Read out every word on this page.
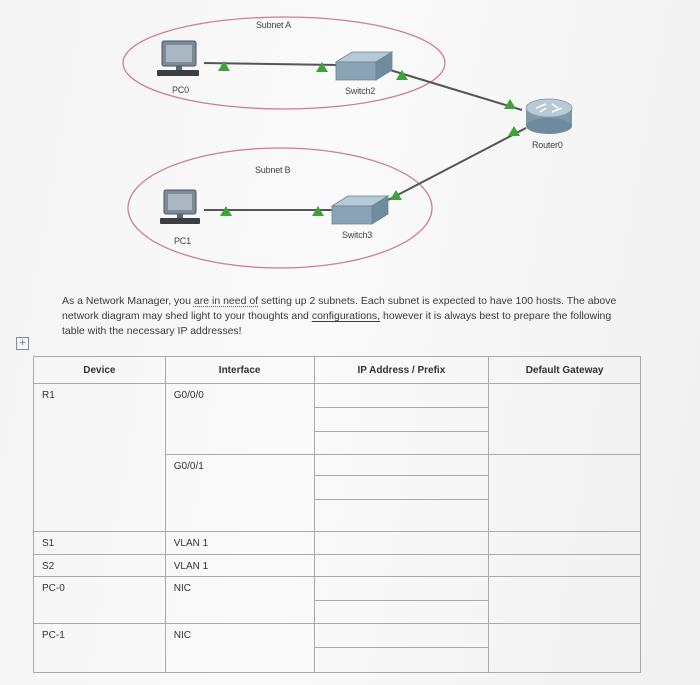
Subnet A
PC0	Switch2
Router0
Subnet B
Switch3
PC1
As a Network Manager, you are in need of setting up 2 subnets. Each subnet is expected to have 100 hosts. The above network diagram may shed light to your thoughts and configurations, however it is always best to prepare the following table with the necessary IP addresses!
+
Device	Interface	IP Address / Prefix	Default Gateway
R1	G0/0/0	

	G0/0/1	

S1	VLAN 1		
S2	VLAN 1		
PC-0	NIC	

PC-1	NIC	
